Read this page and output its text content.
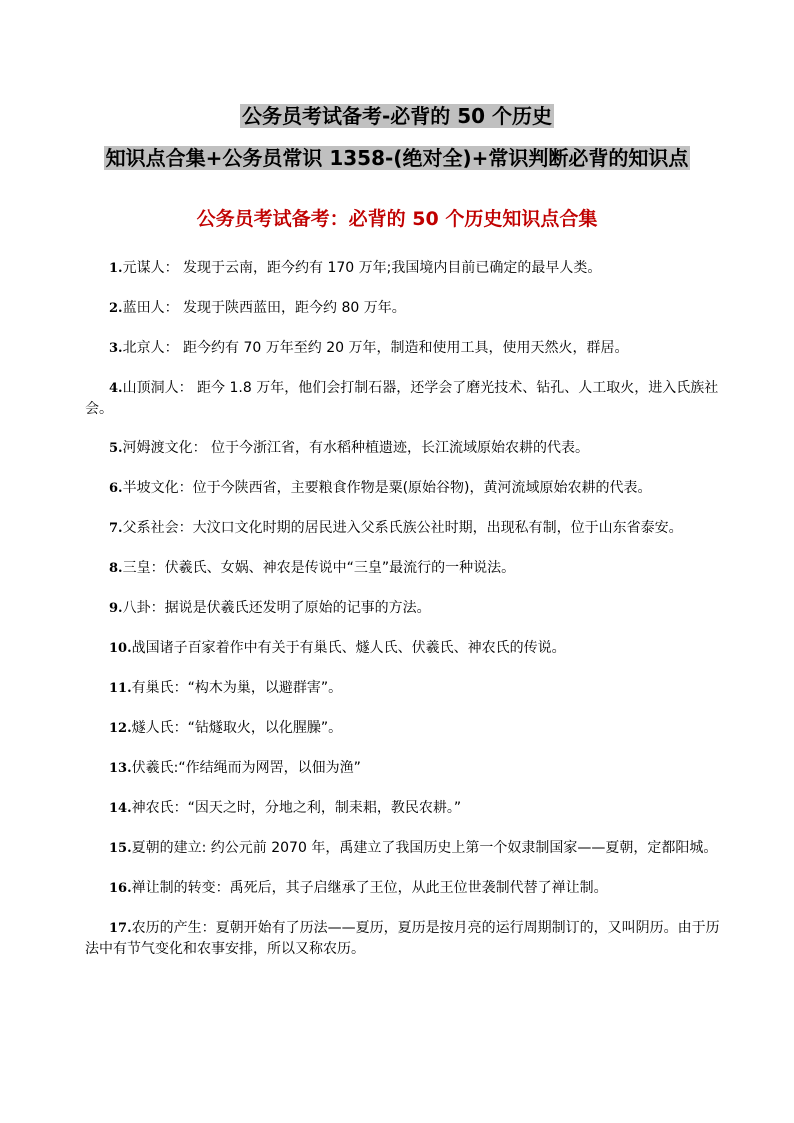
公务员考试备考-必背的 50 个历史
知识点合集+公务员常识 1358-(绝对全)+常识判断必背的知识点
公务员考试备考：必背的 50 个历史知识点合集
1.元谋人： 发现于云南，距今约有 170 万年;我国境内目前已确定的最早人类。
2.蓝田人： 发现于陕西蓝田，距今约 80 万年。
3.北京人： 距今约有 70 万年至约 20 万年，制造和使用工具，使用天然火，群居。
4.山顶洞人： 距今 1.8 万年，他们会打制石器，还学会了磨光技术、钻孔、人工取火，进入氏族社会。
5.河姆渡文化： 位于今浙江省，有水稻种植遗迹，长江流域原始农耕的代表。
6.半坡文化：位于今陕西省，主要粮食作物是粟(原始谷物)，黄河流域原始农耕的代表。
7.父系社会：大汶口文化时期的居民进入父系氏族公社时期，出现私有制，位于山东省泰安。
8.三皇：伏羲氏、女娲、神农是传说中“三皇”最流行的一种说法。
9.八卦：据说是伏羲氏还发明了原始的记事的方法。
10.战国诸子百家着作中有关于有巢氏、燧人氏、伏羲氏、神农氏的传说。
11.有巢氏：“构木为巢，以避群害”。
12.燧人氏：“钻燧取火，以化腥臊”。
13.伏羲氏:“作结绳而为网罟，以佃为渔”
14.神农氏：“因天之时，分地之利，制耒耜，教民农耕。”
15.夏朝的建立: 约公元前 2070 年，禹建立了我国历史上第一个奴隶制国家——夏朝，定都阳城。
16.禅让制的转变：禹死后，其子启继承了王位，从此王位世袭制代替了禅让制。
17.农历的产生：夏朝开始有了历法——夏历，夏历是按月亮的运行周期制订的，又叫阴历。由于历法中有节气变化和农事安排，所以又称农历。
